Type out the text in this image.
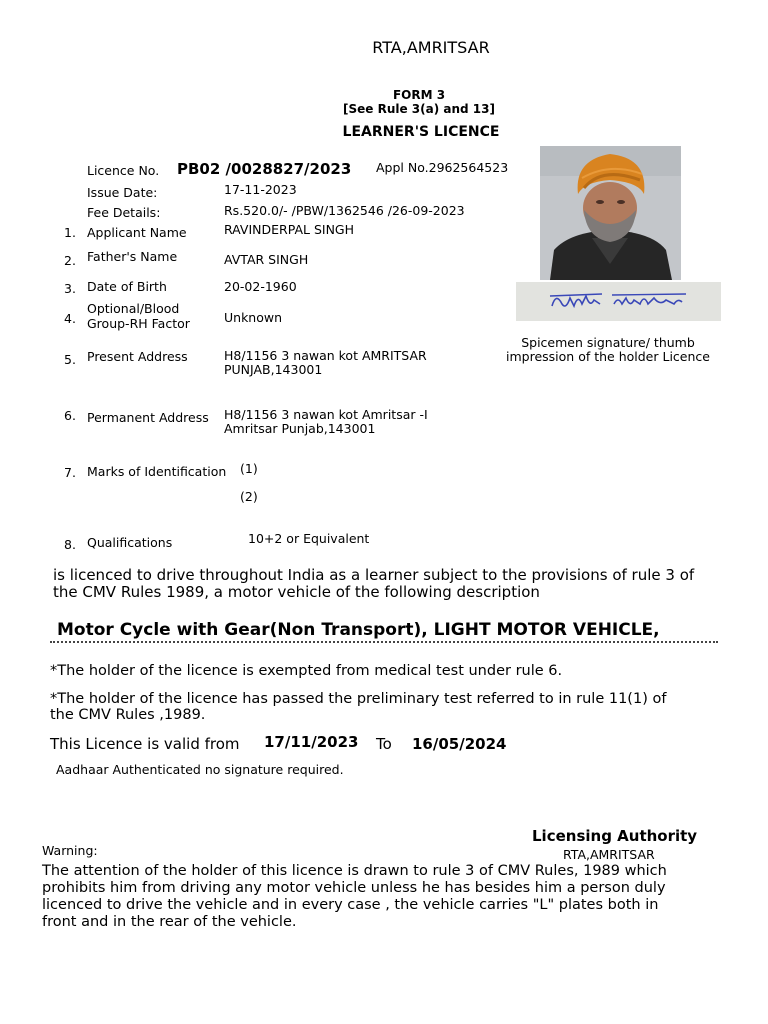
RTA,AMRITSAR
FORM 3
[See Rule 3(a) and 13]
LEARNER'S LICENCE
Licence No. PB02 /0028827/2023 Appl No.2962564523
Issue Date:	17-11-2023
Fee Details:	Rs.520.0/- /PBW/1362546 /26-09-2023
1. Applicant Name	RAVINDERPAL SINGH
2. Father's Name	AVTAR SINGH
3. Date of Birth	20-02-1960
4.
Optional/Blood
Group-RH Factor	Unknown
5. Present Address	H8/1156 3 nawan kot AMRITSAR
PUNJAB,143001
6. Permanent Address H8/1156 3 nawan kot Amritsar -I
Amritsar Punjab,143001
7. Marks of Identification (1)
(2)
8. Qualifications	10+2 or Equivalent
Spicemen signature/ thumb
impression of the holder Licence
is licenced to drive throughout India as a learner subject to the provisions of rule 3 of
the CMV Rules 1989, a motor vehicle of the following description
Motor Cycle with Gear(Non Transport), LIGHT MOTOR VEHICLE,
*The holder of the licence is exempted from medical test under rule 6.
*The holder of the licence has passed the preliminary test referred to in rule 11(1) of
the CMV Rules ,1989.
This Licence is valid from 17/11/2023 To 16/05/2024
Aadhaar Authenticated no signature required.
Licensing Authority
RTA,AMRITSAR
Warning:
The attention of the holder of this licence is drawn to rule 3 of CMV Rules, 1989 which
prohibits him from driving any motor vehicle unless he has besides him a person duly
licenced to drive the vehicle and in every case , the vehicle carries "L" plates both in
front and in the rear of the vehicle.
